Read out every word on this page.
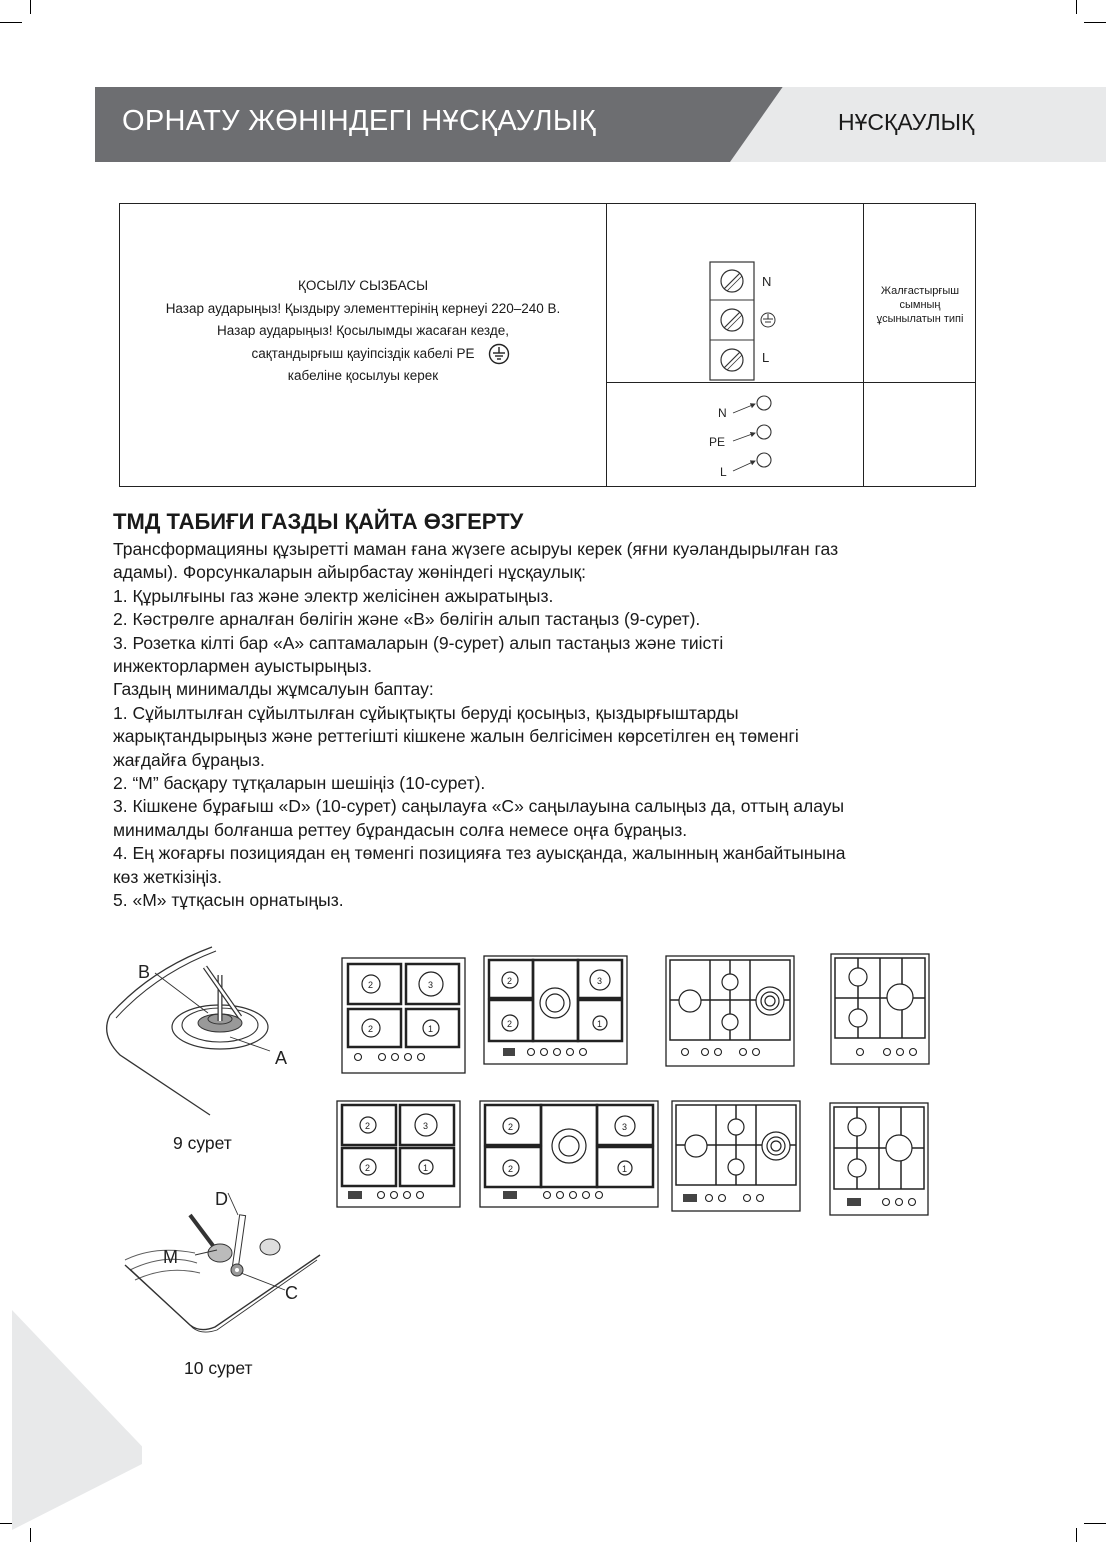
ОРНАТУ ЖӨНІНДЕГІ НҰСҚАУЛЫҚ	НҰСҚАУЛЫҚ
ҚОСЫЛУ СЫЗБАСЫ
Назар аударыңыз! Қыздыру элементтерінің кернеуі 220–240 В.
Назар аударыңыз! Қосылымды жасаған кезде,
сақтандырғыш қауіпсіздік кабелі PE
кабеліне қосылуы керек
N
L
Жалғастырғыш сымның ұсынылатын типі
N
PE
L
ТМД ТАБИҒИ ГАЗДЫ ҚАЙТА ӨЗГЕРТУ
Трансформацияны құзыретті маман ғана жүзеге асыруы керек (яғни куәландырылған газ
адамы). Форсункаларын айырбастау жөніндегі нұсқаулық:
1. Құрылғыны газ және электр желісінен ажыратыңыз.
2. Кәстрөлге арналған бөлігін және «В» бөлігін алып тастаңыз (9-сурет).
3. Розетка кілті бар «A» саптамаларын (9-сурет) алып тастаңыз және тиісті
инжекторлармен ауыстырыңыз.
Газдың минималды жұмсалуын баптау:
1. Сұйылтылған сұйылтылған сұйықтықты беруді қосыңыз, қыздырғыштарды
жарықтандырыңыз және реттегішті кішкене жалын белгісімен көрсетілген ең төменгі
жағдайға бұраңыз.
2. “M” басқару тұтқаларын шешіңіз (10-сурет).
3. Кішкене бұрағыш «D» (10-сурет) саңылауға «C» саңылауына салыңыз да, оттың алауы
минималды болғанша реттеу бұрандасын солға немесе оңға бұраңыз.
4. Ең жоғарғы позициядан ең төменгі позицияға тез ауысқанда, жалынның жанбайтынына
көз жеткізіңіз.
5. «M» тұтқасын орнатыңыз.
B
A
9 сурет
D
M
C
10 сурет
2	3
2	1
2	3
2	1
2	3
2	1
2	3
2	1
